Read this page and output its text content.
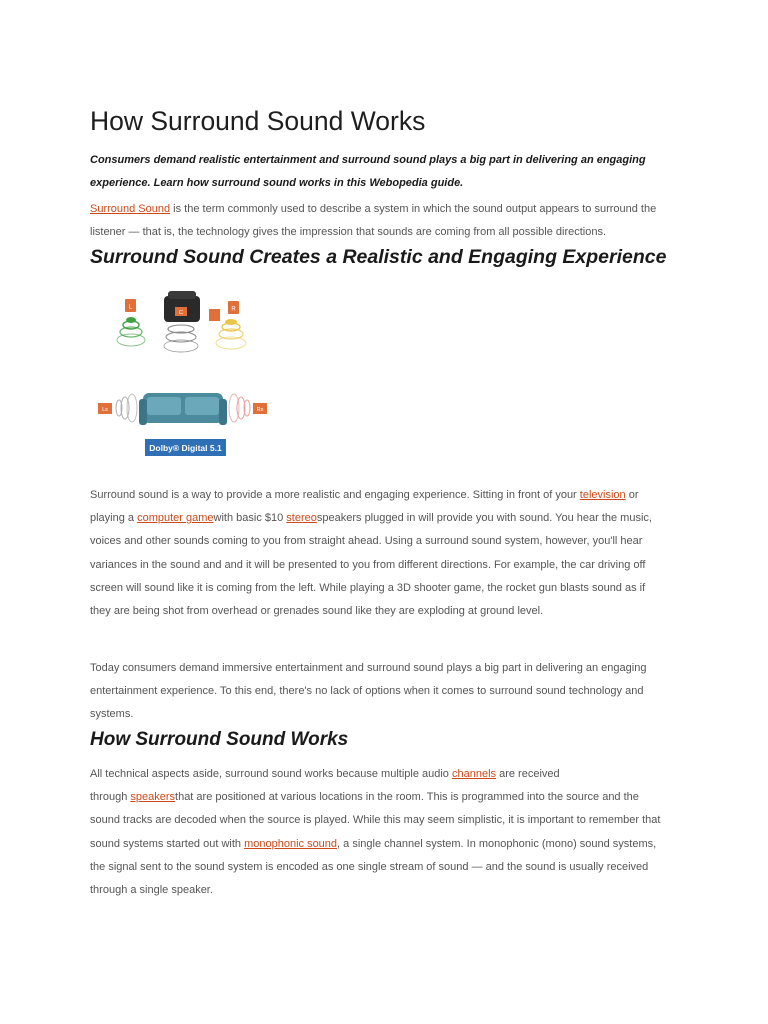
How Surround Sound Works

Consumers demand realistic entertainment and surround sound plays a big part in delivering an engaging
experience. Learn how surround sound works in this Webopedia guide.

Surround Sound is the term commonly used to describe a system in which the sound output appears to surround the
listener — that is, the technology gives the impression that sounds are coming from all possible directions.

Surround Sound Creates a Realistic and Engaging Experience

Surround sound is a way to provide a more realistic and engaging experience. Sitting in front of your television or
playing a computer gamewith basic $10 stereospeakers plugged in will provide you with sound. You hear the music,
voices and other sounds coming to you from straight ahead. Using a surround sound system, however, you'll hear
variances in the sound and and it will be presented to you from different directions. For example, the car driving off
screen will sound like it is coming from the left. While playing a 3D shooter game, the rocket gun blasts sound as if
they are being shot from overhead or grenades sound like they are exploding at ground level.

Today consumers demand immersive entertainment and surround sound plays a big part in delivering an engaging
entertainment experience. To this end, there's no lack of options when it comes to surround sound technology and
systems.

How Surround Sound Works

All technical aspects aside, surround sound works because multiple audio channels are received
through speakersthat are positioned at various locations in the room. This is programmed into the source and the
sound tracks are decoded when the source is played. While this may seem simplistic, it is important to remember that
sound systems started out with monophonic sound, a single channel system. In monophonic (mono) sound systems,
the signal sent to the sound system is encoded as one single stream of sound — and the sound is usually received
through a single speaker.

L
C
R
Ls	Rs
Dolby® Digital 5.1
